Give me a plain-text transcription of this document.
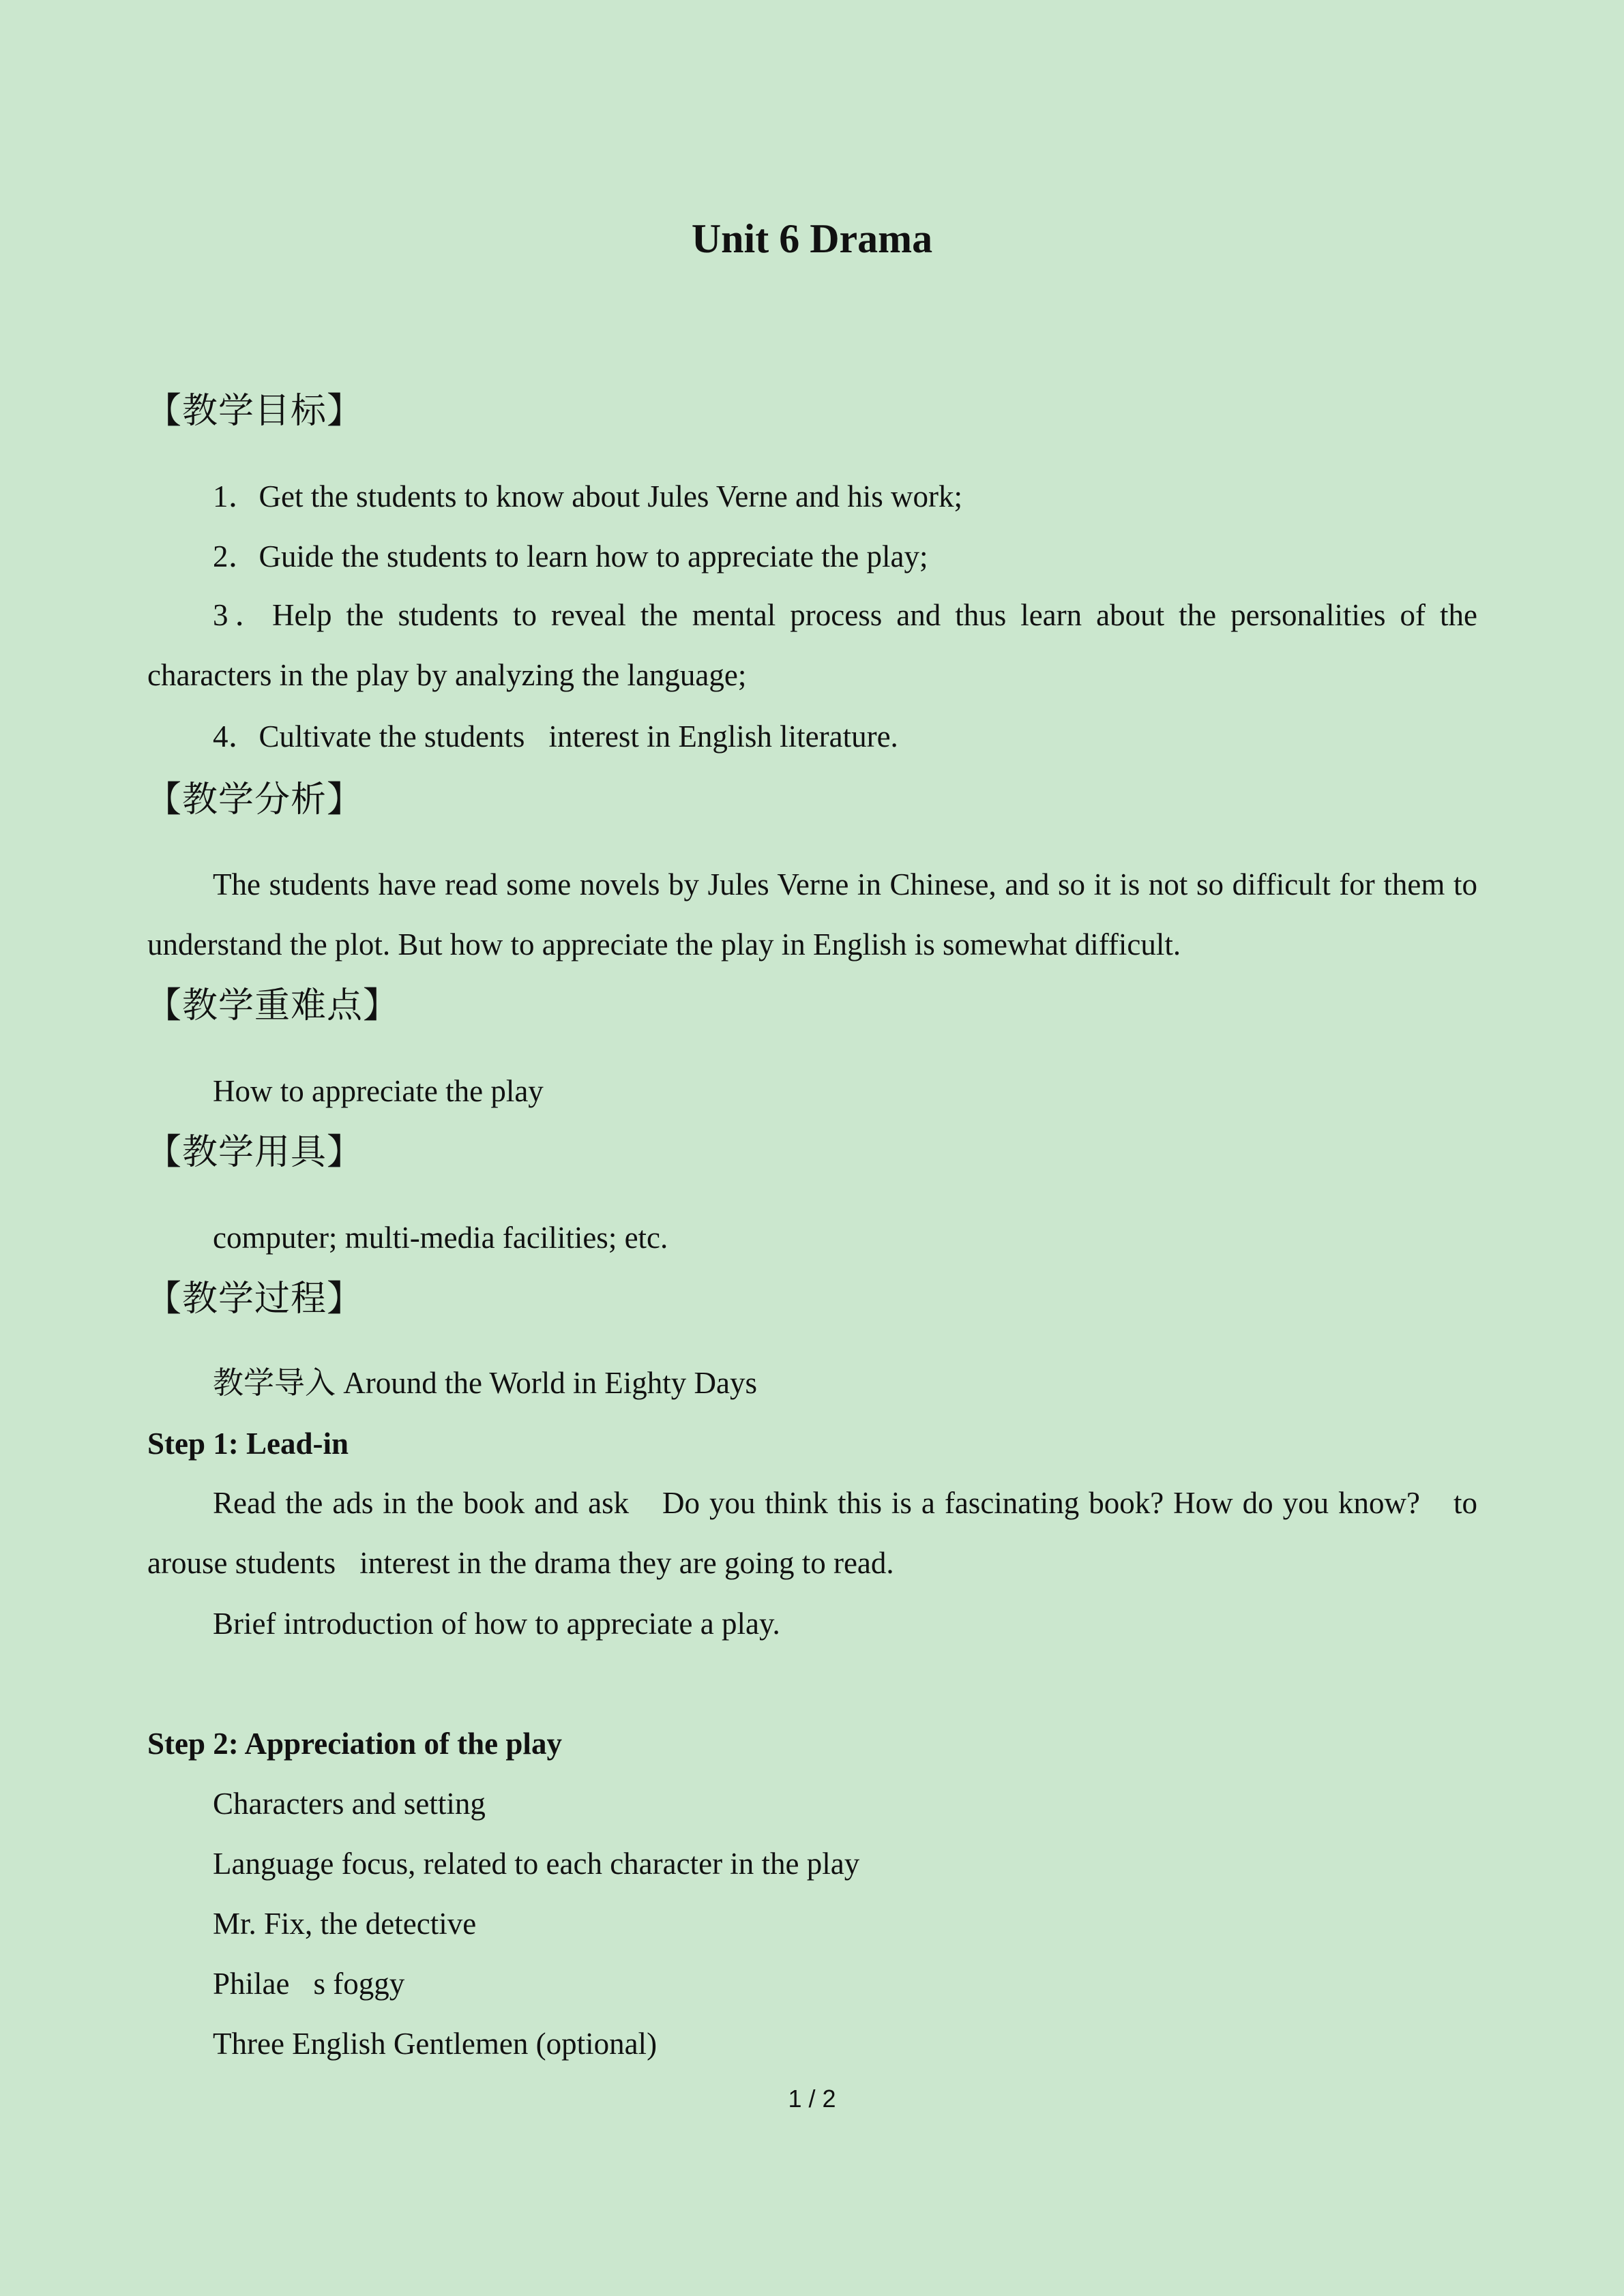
Unit 6 Drama
【教学目标】
1．Get the students to know about Jules Verne and his work;
2．Guide the students to learn how to appreciate the play;
3．Help the students to reveal the mental process and thus learn about the personalities of the characters in the play by analyzing the language;
4．Cultivate the students interest in English literature.
【教学分析】
The students have read some novels by Jules Verne in Chinese, and so it is not so difficult for them to understand the plot. But how to appreciate the play in English is somewhat difficult.
【教学重难点】
How to appreciate the play
【教学用具】
computer; multi-media facilities; etc.
【教学过程】
教学导入 Around the World in Eighty Days
Step 1: Lead-in
Read the ads in the book and ask Do you think this is a fascinating book? How do you know? to arouse students interest in the drama they are going to read.
Brief introduction of how to appreciate a play.
Step 2: Appreciation of the play
Characters and setting
Language focus, related to each character in the play
Mr. Fix, the detective
Philae s foggy
Three English Gentlemen (optional)
1 / 2
